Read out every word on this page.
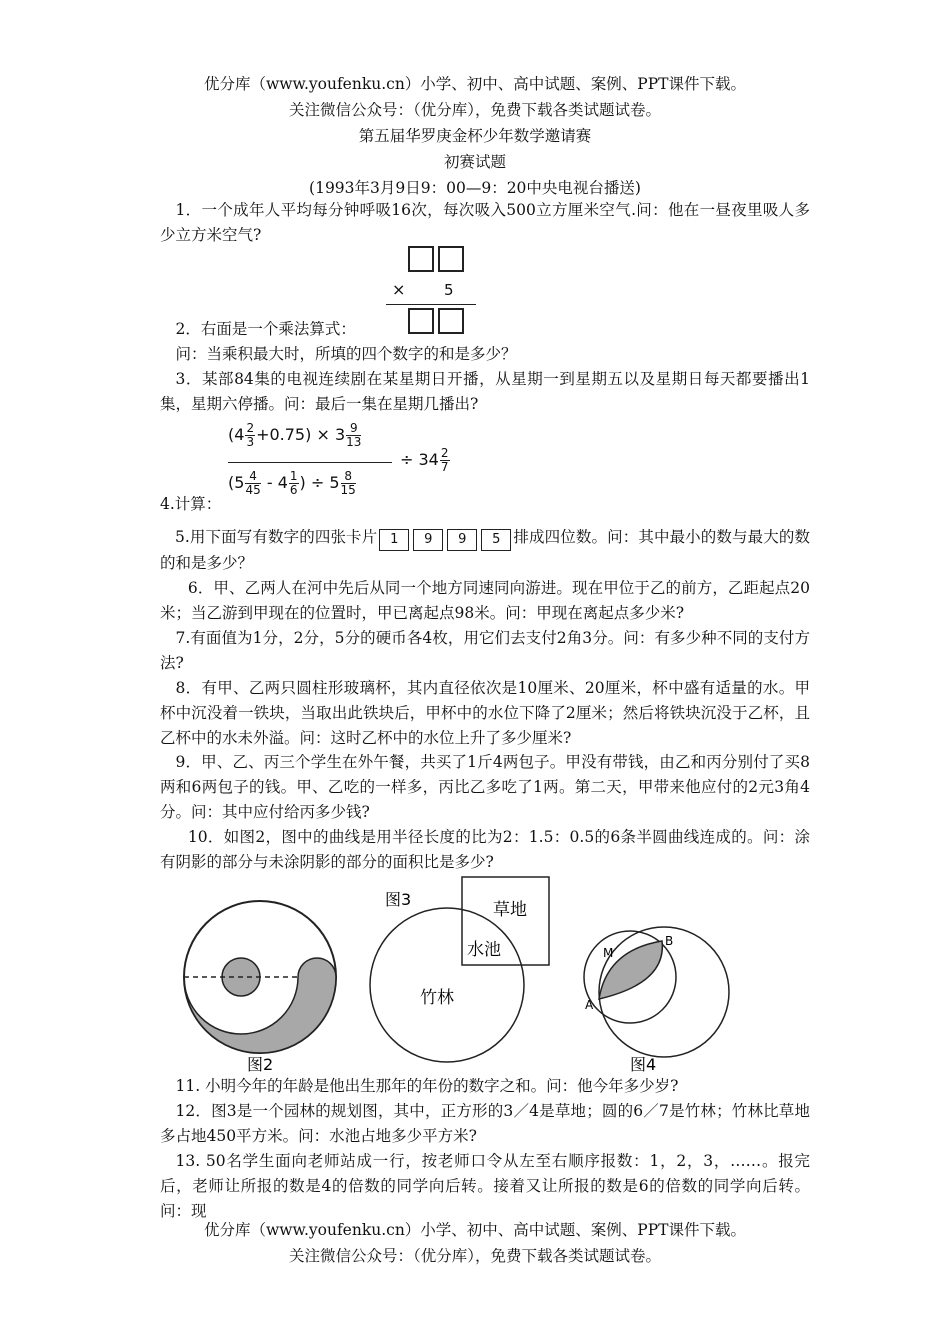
优分库（www.youfenku.cn）小学、初中、高中试题、案例、PPT课件下载。
关注微信公众号：（优分库），免费下载各类试题试卷。
第五届华罗庚金杯少年数学邀请赛
初赛试题
(1993年3月9日9：00—9：20中央电视台播送)
1．一个成年人平均每分钟呼吸16次，每次吸入500立方厘米空气.问：他在一昼夜里吸人多少立方米空气?
×	5
2．右面是一个乘法算式：
问：当乘积最大时，所填的四个数字的和是多少？
3．某部84集的电视连续剧在某星期日开播，从星期一到星期五以及星期日每天都要播出1集，星期六停播。问：最后一集在星期几播出?
$(4 \frac{2}{3} +0.75) \times 3 \frac{9}{13}$
($5 \frac{4}{45} - 4 \frac{1}{6}$ ) ÷ $5 \frac{8}{15}$
÷ $34 \frac{2}{7}$
4.计算：
5.用下面写有数字的四张卡片 1 9 9 5 排成四位数。问：其中最小的数与最大的数的和是多少？
6．甲、乙两人在河中先后从同一个地方同速同向游进。现在甲位于乙的前方，乙距起点20米；当乙游到甲现在的位置时，甲已离起点98米。问：甲现在离起点多少米?
7.有面值为1分，2分，5分的硬币各4枚，用它们去支付2角3分。问：有多少种不同的支付方法?
8．有甲、乙两只圆柱形玻璃杯，其内直径依次是10厘米、20厘米，杯中盛有适量的水。甲杯中沉没着一铁块，当取出此铁块后，甲杯中的水位下降了2厘米；然后将铁块沉没于乙杯，且乙杯中的水未外溢。问：这时乙杯中的水位上升了多少厘米?
9．甲、乙、丙三个学生在外午餐，共买了1斤4两包子。甲没有带钱，由乙和丙分别付了买8两和6两包子的钱。甲、乙吃的一样多，丙比乙多吃了1两。第二天，甲带来他应付的2元3角4分。问：其中应付给丙多少钱?
10．如图2，图中的曲线是用半径长度的比为2：1.5：0.5的6条半圆曲线连成的。问：涂有阴影的部分与未涂阴影的部分的面积比是多少?
图2
图3
草地
水池
竹林
M
B
A
图4
11. 小明今年的年龄是他出生那年的年份的数字之和。问：他今年多少岁?
12．图3是一个园林的规划图，其中，正方形的3／4是草地；圆的6／7是竹林；竹林比草地多占地450平方米。问：水池占地多少平方米?
13. 50名学生面向老师站成一行，按老师口令从左至右顺序报数：1，2，3，……。报完后，老师让所报的数是4的倍数的同学向后转。接着又让所报的数是6的倍数的同学向后转。问：现
优分库（www.youfenku.cn）小学、初中、高中试题、案例、PPT课件下载。
关注微信公众号：（优分库），免费下载各类试题试卷。
